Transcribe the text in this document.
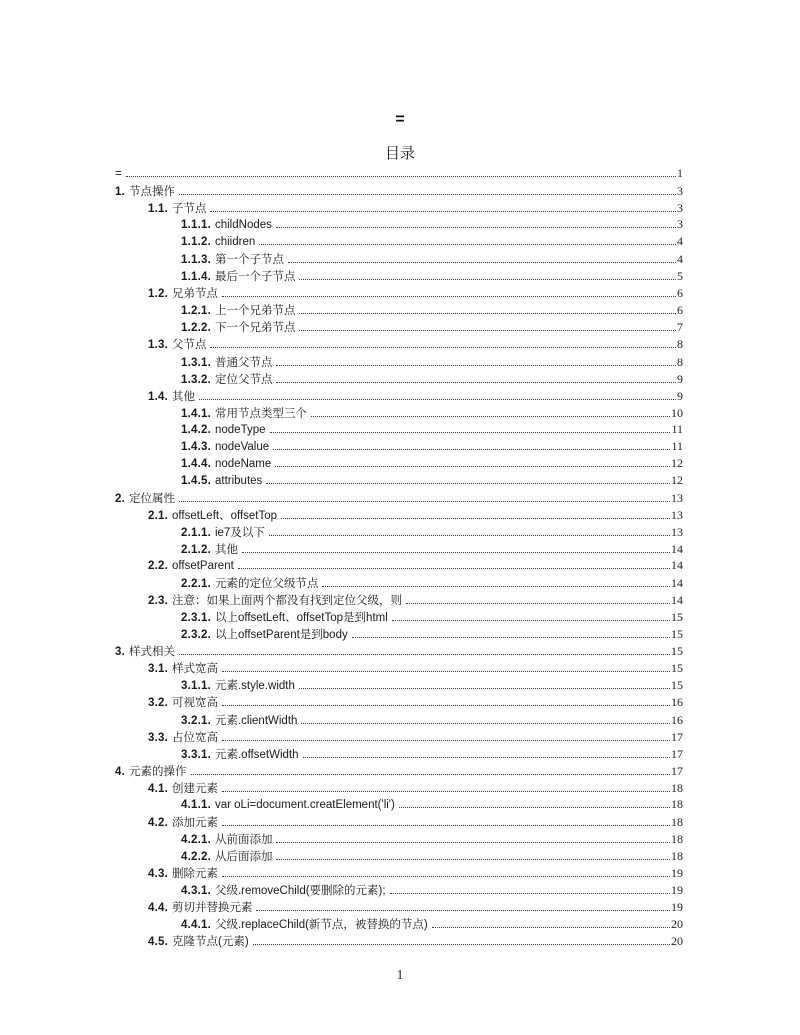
=
目录
=	1
1. 节点操作	3
1.1. 子节点	3
1.1.1. childNodes	3
1.1.2. chiidren	4
1.1.3. 第一个子节点	4
1.1.4. 最后一个子节点	5
1.2. 兄弟节点	6
1.2.1. 上一个兄弟节点	6
1.2.2. 下一个兄弟节点	7
1.3. 父节点	8
1.3.1. 普通父节点	8
1.3.2. 定位父节点	9
1.4. 其他	9
1.4.1. 常用节点类型三个	10
1.4.2. nodeType	11
1.4.3. nodeValue	11
1.4.4. nodeName	12
1.4.5. attributes	12
2. 定位属性	13
2.1. offsetLeft、offsetTop	13
2.1.1. ie7及以下	13
2.1.2. 其他	14
2.2. offsetParent	14
2.2.1. 元素的定位父级节点	14
2.3. 注意：如果上面两个都没有找到定位父级，则	14
2.3.1. 以上offsetLeft、offsetTop是到html	15
2.3.2. 以上offsetParent是到body	15
3. 样式相关	15
3.1. 样式宽高	15
3.1.1. 元素.style.width	15
3.2. 可视宽高	16
3.2.1. 元素.clientWidth	16
3.3. 占位宽高	17
3.3.1. 元素.offsetWidth	17
4. 元素的操作	17
4.1. 创建元素	18
4.1.1. var oLi=document.creatElement('li')	18
4.2. 添加元素	18
4.2.1. 从前面添加	18
4.2.2. 从后面添加	18
4.3. 删除元素	19
4.3.1. 父级.removeChild(要删除的元素);	19
4.4. 剪切并替换元素	19
4.4.1. 父级.replaceChild(新节点，被替换的节点)	20
4.5. 克隆节点(元素)	20
1
